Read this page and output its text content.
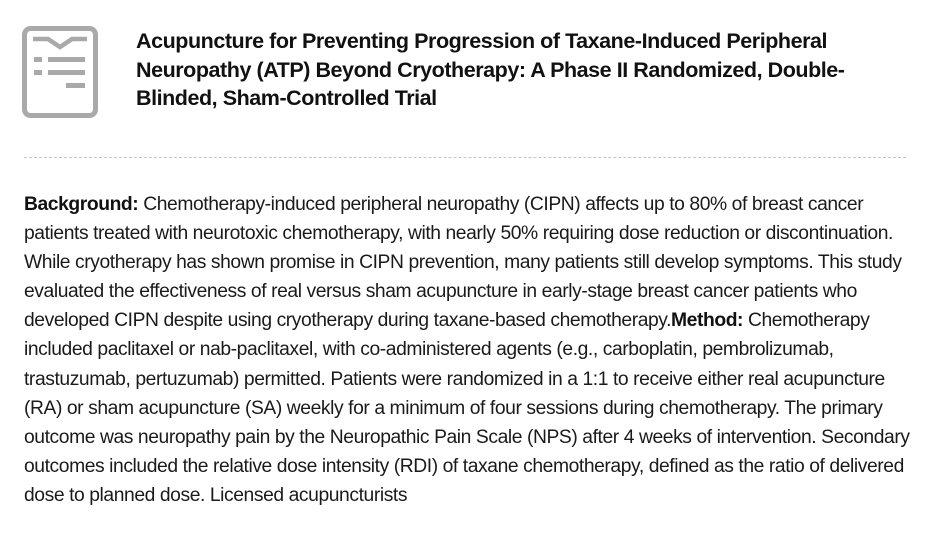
Acupuncture for Preventing Progression of Taxane-Induced Peripheral Neuropathy (ATP) Beyond Cryotherapy: A Phase II Randomized, Double-Blinded, Sham-Controlled Trial

Background: Chemotherapy-induced peripheral neuropathy (CIPN) affects up to 80% of breast cancer patients treated with neurotoxic chemotherapy, with nearly 50% requiring dose reduction or discontinuation. While cryotherapy has shown promise in CIPN prevention, many patients still develop symptoms. This study evaluated the effectiveness of real versus sham acupuncture in early-stage breast cancer patients who developed CIPN despite using cryotherapy during taxane-based chemotherapy.Method: Chemotherapy included paclitaxel or nab-paclitaxel, with co-administered agents (e.g., carboplatin, pembrolizumab, trastuzumab, pertuzumab) permitted. Patients were randomized in a 1:1 to receive either real acupuncture (RA) or sham acupuncture (SA) weekly for a minimum of four sessions during chemotherapy. The primary outcome was neuropathy pain by the Neuropathic Pain Scale (NPS) after 4 weeks of intervention. Secondary outcomes included the relative dose intensity (RDI) of taxane chemotherapy, defined as the ratio of delivered dose to planned dose. Licensed acupuncturists
